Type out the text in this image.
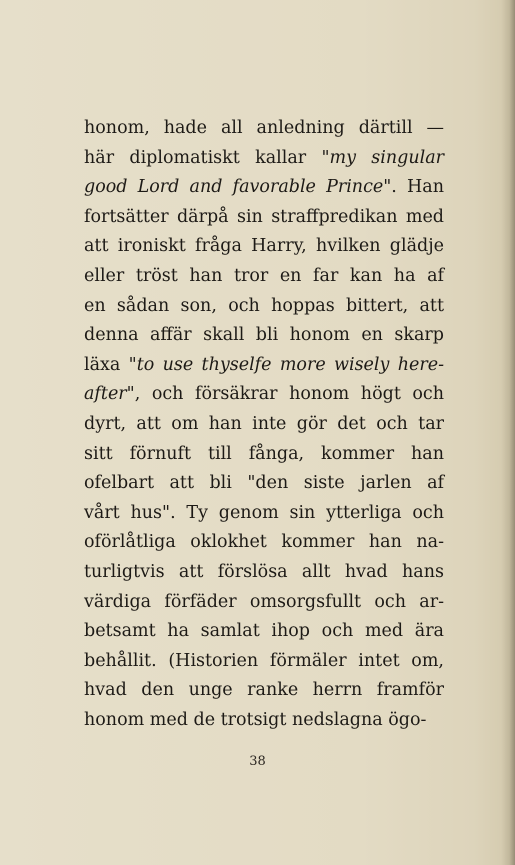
honom, hade all anledning därtill —
här diplomatiskt kallar "my singular
good Lord and favorable Prince". Han
fortsätter därpå sin straffpredikan med
att ironiskt fråga Harry, hvilken glädje
eller tröst han tror en far kan ha af
en sådan son, och hoppas bittert, att
denna affär skall bli honom en skarp
läxa "to use thyselfe more wisely here-
after", och försäkrar honom högt och
dyrt, att om han inte gör det och tar
sitt förnuft till fånga, kommer han
ofelbart att bli "den siste jarlen af
vårt hus". Ty genom sin ytterliga och
oförlåtliga oklokhet kommer han na-
turligtvis att förslösa allt hvad hans
värdiga förfäder omsorgsfullt och ar-
betsamt ha samlat ihop och med ära
behållit. (Historien förmäler intet om,
hvad den unge ranke herrn framför
honom med de trotsigt nedslagna ögo-
38
